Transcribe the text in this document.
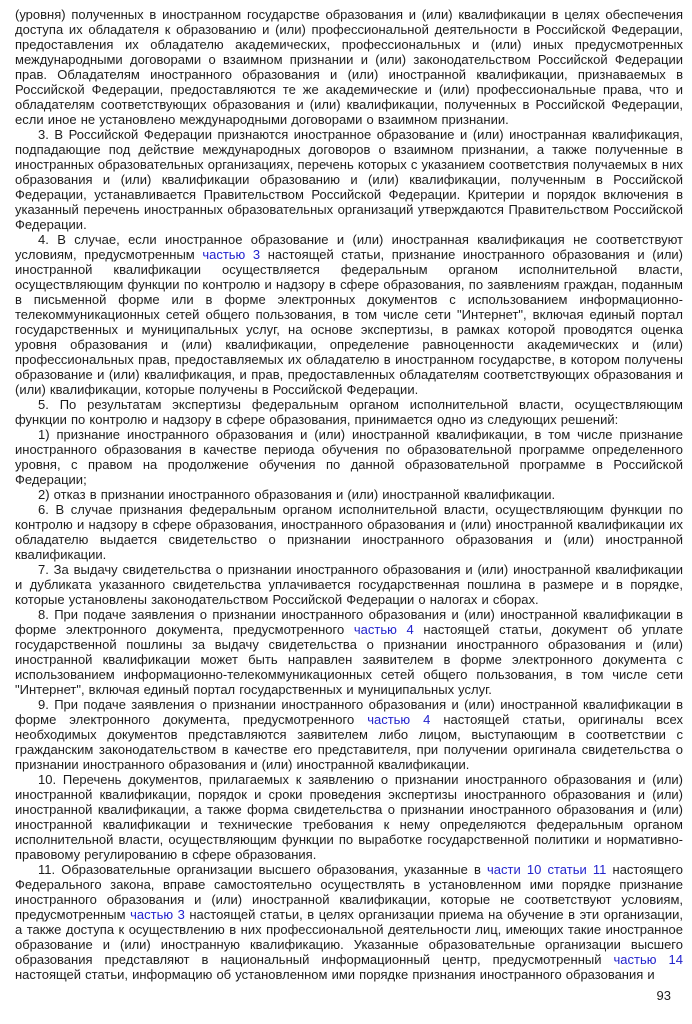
(уровня) полученных в иностранном государстве образования и (или) квалификации в целях обеспечения доступа их обладателя к образованию и (или) профессиональной деятельности в Российской Федерации, предоставления их обладателю академических, профессиональных и (или) иных предусмотренных международными договорами о взаимном признании и (или) законодательством Российской Федерации прав. Обладателям иностранного образования и (или) иностранной квалификации, признаваемых в Российской Федерации, предоставляются те же академические и (или) профессиональные права, что и обладателям соответствующих образования и (или) квалификации, полученных в Российской Федерации, если иное не установлено международными договорами о взаимном признании.

3. В Российской Федерации признаются иностранное образование и (или) иностранная квалификация, подпадающие под действие международных договоров о взаимном признании, а также полученные в иностранных образовательных организациях, перечень которых с указанием соответствия получаемых в них образования и (или) квалификации образованию и (или) квалификации, полученным в Российской Федерации, устанавливается Правительством Российской Федерации. Критерии и порядок включения в указанный перечень иностранных образовательных организаций утверждаются Правительством Российской Федерации.

4. В случае, если иностранное образование и (или) иностранная квалификация не соответствуют условиям, предусмотренным частью 3 настоящей статьи, признание иностранного образования и (или) иностранной квалификации осуществляется федеральным органом исполнительной власти, осуществляющим функции по контролю и надзору в сфере образования, по заявлениям граждан, поданным в письменной форме или в форме электронных документов с использованием информационно-телекоммуникационных сетей общего пользования, в том числе сети "Интернет", включая единый портал государственных и муниципальных услуг, на основе экспертизы, в рамках которой проводятся оценка уровня образования и (или) квалификации, определение равноценности академических и (или) профессиональных прав, предоставляемых их обладателю в иностранном государстве, в котором получены образование и (или) квалификация, и прав, предоставленных обладателям соответствующих образования и (или) квалификации, которые получены в Российской Федерации.

5. По результатам экспертизы федеральным органом исполнительной власти, осуществляющим функции по контролю и надзору в сфере образования, принимается одно из следующих решений:

1) признание иностранного образования и (или) иностранной квалификации, в том числе признание иностранного образования в качестве периода обучения по образовательной программе определенного уровня, с правом на продолжение обучения по данной образовательной программе в Российской Федерации;

2) отказ в признании иностранного образования и (или) иностранной квалификации.

6. В случае признания федеральным органом исполнительной власти, осуществляющим функции по контролю и надзору в сфере образования, иностранного образования и (или) иностранной квалификации их обладателю выдается свидетельство о признании иностранного образования и (или) иностранной квалификации.

7. За выдачу свидетельства о признании иностранного образования и (или) иностранной квалификации и дубликата указанного свидетельства уплачивается государственная пошлина в размере и в порядке, которые установлены законодательством Российской Федерации о налогах и сборах.

8. При подаче заявления о признании иностранного образования и (или) иностранной квалификации в форме электронного документа, предусмотренного частью 4 настоящей статьи, документ об уплате государственной пошлины за выдачу свидетельства о признании иностранного образования и (или) иностранной квалификации может быть направлен заявителем в форме электронного документа с использованием информационно-телекоммуникационных сетей общего пользования, в том числе сети "Интернет", включая единый портал государственных и муниципальных услуг.

9. При подаче заявления о признании иностранного образования и (или) иностранной квалификации в форме электронного документа, предусмотренного частью 4 настоящей статьи, оригиналы всех необходимых документов представляются заявителем либо лицом, выступающим в соответствии с гражданским законодательством в качестве его представителя, при получении оригинала свидетельства о признании иностранного образования и (или) иностранной квалификации.

10. Перечень документов, прилагаемых к заявлению о признании иностранного образования и (или) иностранной квалификации, порядок и сроки проведения экспертизы иностранного образования и (или) иностранной квалификации, а также форма свидетельства о признании иностранного образования и (или) иностранной квалификации и технические требования к нему определяются федеральным органом исполнительной власти, осуществляющим функции по выработке государственной политики и нормативно-правовому регулированию в сфере образования.

11. Образовательные организации высшего образования, указанные в части 10 статьи 11 настоящего Федерального закона, вправе самостоятельно осуществлять в установленном ими порядке признание иностранного образования и (или) иностранной квалификации, которые не соответствуют условиям, предусмотренным частью 3 настоящей статьи, в целях организации приема на обучение в эти организации, а также доступа к осуществлению в них профессиональной деятельности лиц, имеющих такие иностранное образование и (или) иностранную квалификацию. Указанные образовательные организации высшего образования представляют в национальный информационный центр, предусмотренный частью 14 настоящей статьи, информацию об установленном ими порядке признания иностранного образования и

93
